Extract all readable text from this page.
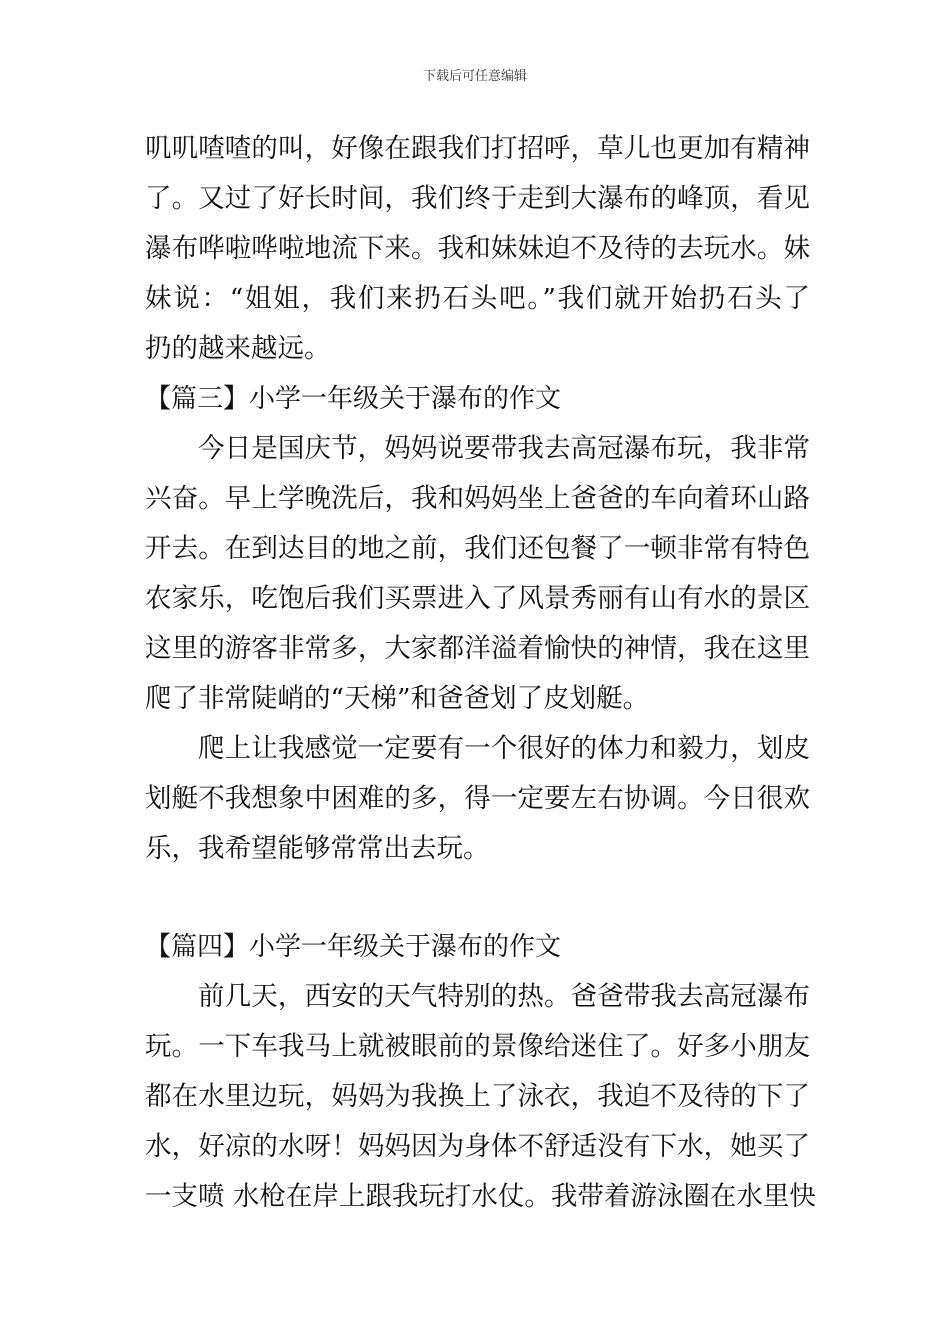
下载后可任意编辑
叽叽喳喳的叫，好像在跟我们打招呼，草儿也更加有精神
了。又过了好长时间，我们终于走到大瀑布的峰顶，看见
瀑布哗啦哗啦地流下来。我和妹妹迫不及待的去玩水。妹
妹说：“姐姐，我们来扔石头吧。”我们就开始扔石头了
扔的越来越远。
【篇三】小学一年级关于瀑布的作文
今日是国庆节，妈妈说要带我去高冠瀑布玩，我非常
兴奋。早上学晚洗后，我和妈妈坐上爸爸的车向着环山路
开去。在到达目的地之前，我们还包餐了一顿非常有特色
农家乐，吃饱后我们买票进入了风景秀丽有山有水的景区
这里的游客非常多，大家都洋溢着愉快的神情，我在这里
爬了非常陡峭的“天梯”和爸爸划了皮划艇。
爬上让我感觉一定要有一个很好的体力和毅力，划皮
划艇不我想象中困难的多，得一定要左右协调。今日很欢
乐，我希望能够常常出去玩。
【篇四】小学一年级关于瀑布的作文
前几天，西安的天气特别的热。爸爸带我去高冠瀑布
玩。一下车我马上就被眼前的景像给迷住了。好多小朋友
都在水里边玩，妈妈为我换上了泳衣，我迫不及待的下了
水，好凉的水呀！妈妈因为身体不舒适没有下水，她买了
一支喷 水枪在岸上跟我玩打水仗。我带着游泳圈在水里快
